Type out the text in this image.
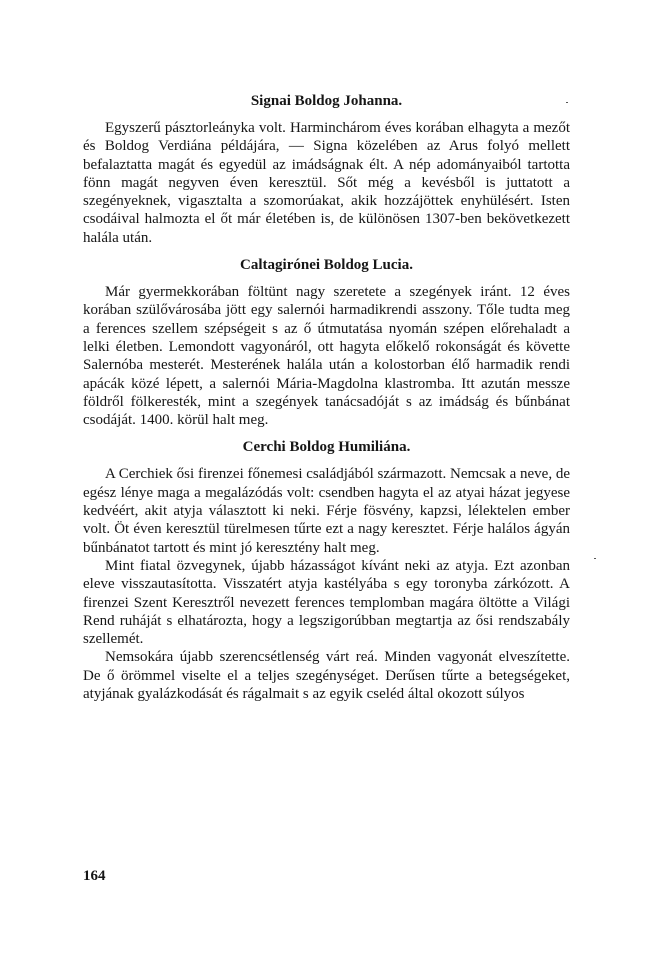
Signai Boldog Johanna.

Egyszerű pásztorleányka volt. Harminchárom éves korában elhagyta a mezőt és Boldog Verdiána példájára, — Signa közelében az Arus folyó mellett befalaztatta magát és egyedül az imádságnak élt. A nép adományaiból tartotta fönn magát negyven éven keresztül. Sőt még a kevésből is juttatott a szegényeknek, vigasztalta a szomorúakat, akik hozzájöttek enyhülésért. Isten csodáival halmozta el őt már életében is, de különösen 1307-ben bekövetkezett halála után.

Caltagirónei Boldog Lucia.

Már gyermekkorában föltünt nagy szeretete a szegények iránt. 12 éves korában szülővárosába jött egy salernói harmadikrendi asszony. Tőle tudta meg a ferences szellem szépségeit s az ő útmutatása nyomán szépen előrehaladt a lelki életben. Lemondott vagyonáról, ott hagyta előkelő rokonságát és követte Salernóba mesterét. Mesterének halála után a kolostorban élő harmadik rendi apácák közé lépett, a salernói Mária-Magdolna klastromba. Itt azután messze földről fölkeresték, mint a szegények tanácsadóját s az imádság és bűnbánat csodáját. 1400. körül halt meg.

Cerchi Boldog Humiliána.

A Cerchiek ősi firenzei főnemesi családjából származott. Nemcsak a neve, de egész lénye maga a megalázódás volt: csendben hagyta el az atyai házat jegyese kedvéért, akit atyja választott ki neki. Férje fösvény, kapzsi, lélektelen ember volt. Öt éven keresztül türelmesen tűrte ezt a nagy keresztet. Férje halálos ágyán bűnbánatot tartott és mint jó keresztény halt meg.

Mint fiatal özvegynek, újabb házasságot kívánt neki az atyja. Ezt azonban eleve visszautasította. Visszatért atyja kastélyába s egy toronyba zárkózott. A firenzei Szent Keresztről nevezett ferences templomban magára öltötte a Világi Rend ruháját s elhatározta, hogy a legszigorúbban megtartja az ősi rendszabály szellemét.

Nemsokára újabb szerencsétlenség várt reá. Minden vagyonát elveszítette. De ő örömmel viselte el a teljes szegénységet. Derűsen tűrte a betegségeket, atyjának gyalázkodását és rágalmait s az egyik cseléd által okozott súlyos

164
